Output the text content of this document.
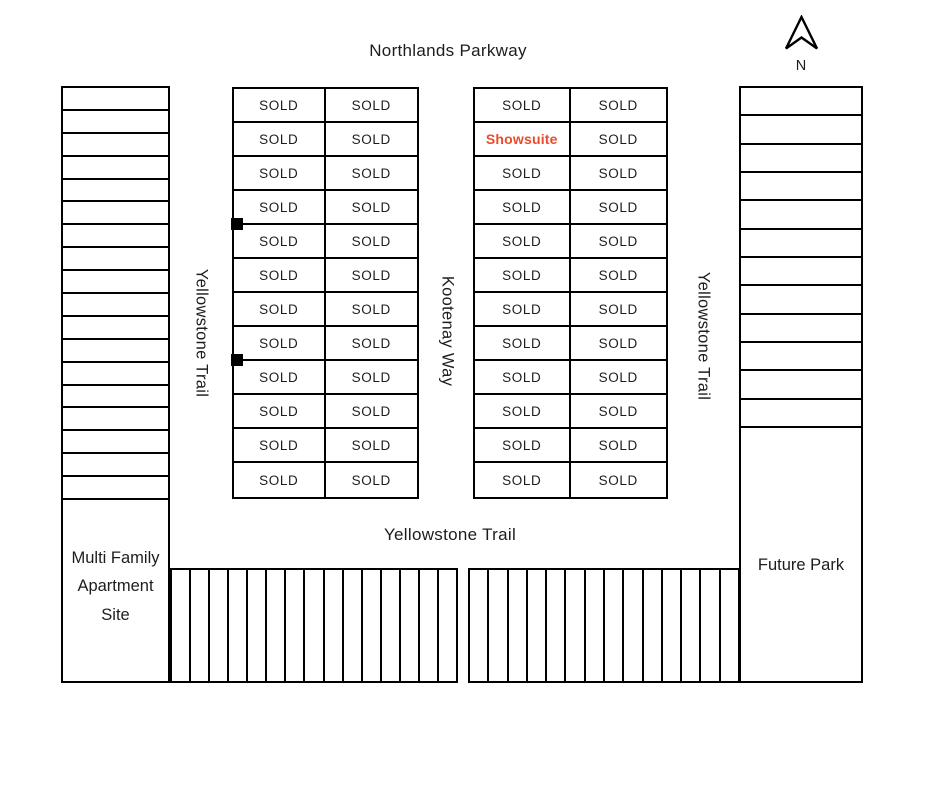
Northlands Parkway
N
Multi Family
Apartment
Site
Yellowstone Trail
SOLD	SOLD
SOLD	SOLD
SOLD	SOLD
SOLD	SOLD
SOLD	SOLD
SOLD	SOLD
SOLD	SOLD
SOLD	SOLD
SOLD	SOLD
SOLD	SOLD
SOLD	SOLD
SOLD	SOLD
Kootenay Way
SOLD	SOLD
Showsuite	SOLD
SOLD	SOLD
SOLD	SOLD
SOLD	SOLD
SOLD	SOLD
SOLD	SOLD
SOLD	SOLD
SOLD	SOLD
SOLD	SOLD
SOLD	SOLD
SOLD	SOLD
Yellowstone Trail
Future Park
Yellowstone Trail
